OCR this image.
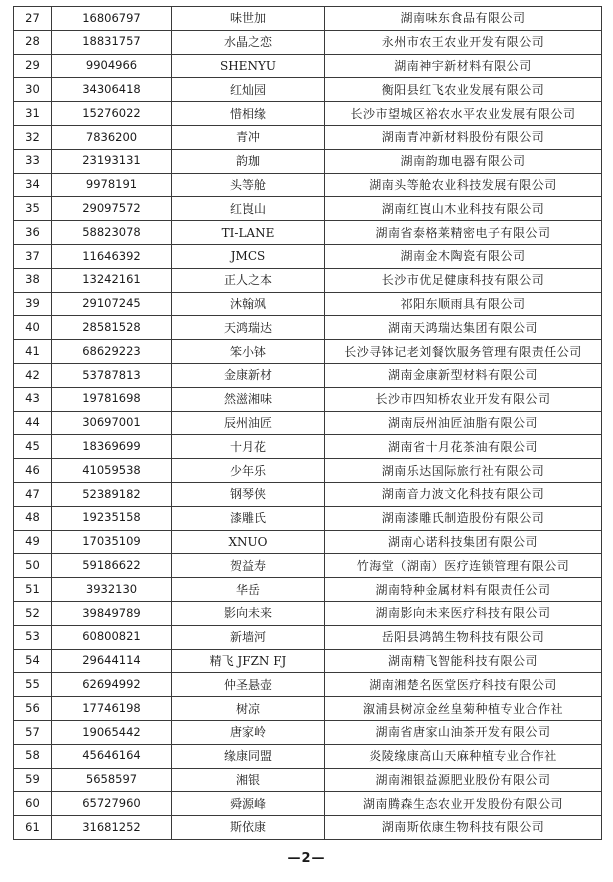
27	16806797	味世加	湖南味东食品有限公司
28	18831757	水晶之恋	永州市农王农业开发有限公司
29	9904966	SHENYU	湖南神宇新材料有限公司
30	34306418	红灿园	衡阳县红飞农业发展有限公司
31	15276022	惜相缘	长沙市望城区裕农水平农业发展有限公司
32	7836200	青冲	湖南青冲新材料股份有限公司
33	23193131	韵珈	湖南韵珈电器有限公司
34	9978191	头等舱	湖南头等舱农业科技发展有限公司
35	29097572	红崀山	湖南红崀山木业科技有限公司
36	58823078	TI-LANE	湖南省泰格莱精密电子有限公司
37	11646392	JMCS	湖南金木陶瓷有限公司
38	13242161	正人之本	长沙市优足健康科技有限公司
39	29107245	沐翰飒	祁阳东顺雨具有限公司
40	28581528	天鸿瑞达	湖南天鸿瑞达集团有限公司
41	68629223	笨小钵	长沙寻钵记老刘餐饮服务管理有限责任公司
42	53787813	金康新材	湖南金康新型材料有限公司
43	19781698	然滋湘味	长沙市四知桥农业开发有限公司
44	30697001	辰州油匠	湖南辰州油匠油脂有限公司
45	18369699	十月花	湖南省十月花茶油有限公司
46	41059538	少年乐	湖南乐达国际旅行社有限公司
47	52389182	钢琴侠	湖南音力波文化科技有限公司
48	19235158	漆雕氏	湖南漆雕氏制造股份有限公司
49	17035109	XNUO	湖南心诺科技集团有限公司
50	59186622	贺益寿	竹海堂（湖南）医疗连锁管理有限公司
51	3932130	华岳	湖南特种金属材料有限责任公司
52	39849789	影向未来	湖南影向未来医疗科技有限公司
53	60800821	新墙河	岳阳县鸿鹄生物科技有限公司
54	29644114	精飞 JFZN FJ	湖南精飞智能科技有限公司
55	62694992	仲圣悬壶	湖南湘楚名医堂医疗科技有限公司
56	17746198	树凉	溆浦县树凉金丝皇菊种植专业合作社
57	19065442	唐家岭	湖南省唐家山油茶开发有限公司
58	45646164	缘康同盟	炎陵缘康高山天麻种植专业合作社
59	5658597	湘银	湖南湘银益源肥业股份有限公司
60	65727960	舜源峰	湖南腾森生态农业开发股份有限公司
61	31681252	斯依康	湖南斯依康生物科技有限公司
—2—
